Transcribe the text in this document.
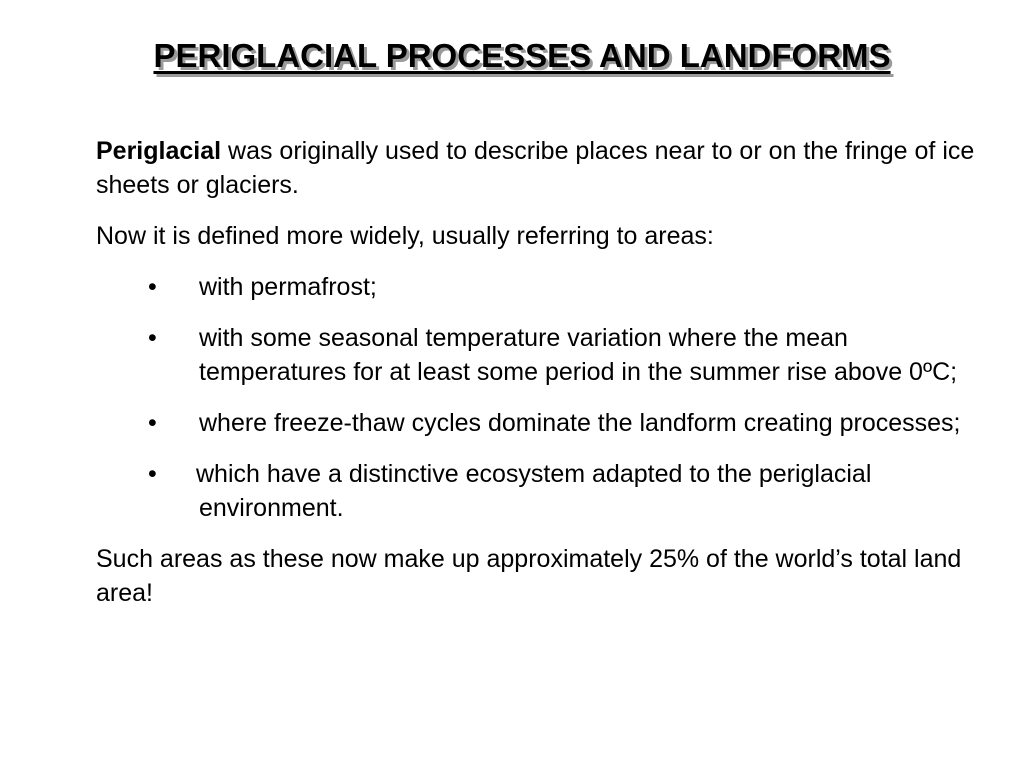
PERIGLACIAL PROCESSES AND LANDFORMS

Periglacial was originally used to describe places near to or on the fringe of ice sheets or glaciers.

Now it is defined more widely, usually referring to areas:

• with permafrost;
• with some seasonal temperature variation where the mean temperatures for at least some period in the summer rise above 0ºC;
• where freeze-thaw cycles dominate the landform creating processes;
• which have a distinctive ecosystem adapted to the periglacial environment.

Such areas as these now make up approximately 25% of the world’s total land area!
